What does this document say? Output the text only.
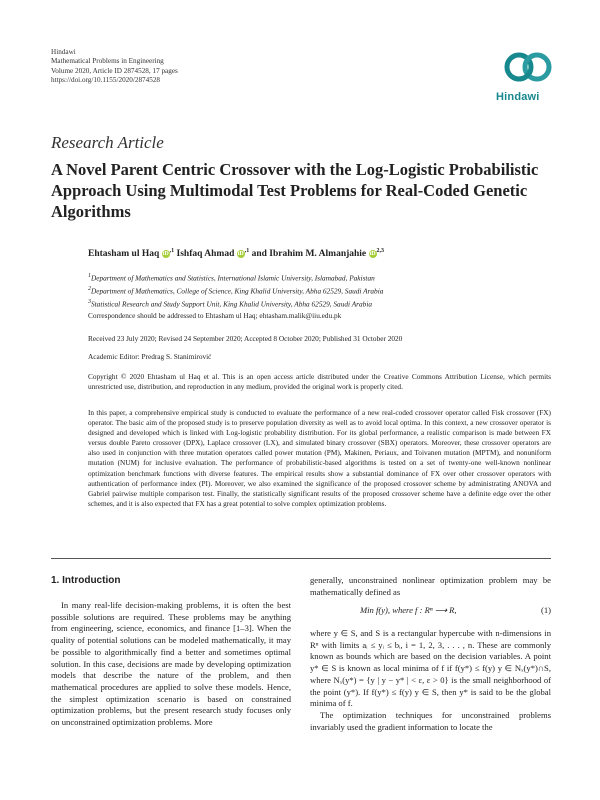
Hindawi
Mathematical Problems in Engineering
Volume 2020, Article ID 2874528, 17 pages
https://doi.org/10.1155/2020/2874528
Hindawi
Research Article
A Novel Parent Centric Crossover with the Log-Logistic Probabilistic Approach Using Multimodal Test Problems for Real-Coded Genetic Algorithms
Ehtasham ul Haq $iD^{,1}$ Ishfaq Ahmad $iD^{,1}$ and Ibrahim M. Almanjahie iD$^{2,3}$
$^1$Department of Mathematics and Statistics, International Islamic University, Islamabad, Pakistan
$^2$Department of Mathematics, College of Science, King Khalid University, Abha 62529, Saudi Arabia
$^3$Statistical Research and Study Support Unit, King Khalid University, Abha 62529, Saudi Arabia
Correspondence should be addressed to Ehtasham ul Haq; ehtasham.malik@iiu.edu.pk
Received 23 July 2020; Revised 24 September 2020; Accepted 8 October 2020; Published 31 October 2020
Academic Editor: Predrag S. Stanimirović
Copyright © 2020 Ehtasham ul Haq et al. This is an open access article distributed under the Creative Commons Attribution License, which permits unrestricted use, distribution, and reproduction in any medium, provided the original work is properly cited.
In this paper, a comprehensive empirical study is conducted to evaluate the performance of a new real-coded crossover operator called Fisk crossover (FX) operator. The basic aim of the proposed study is to preserve population diversity as well as to avoid local optima. In this context, a new crossover operator is designed and developed which is linked with Log-logistic probability distribution. For its global performance, a realistic comparison is made between FX versus double Pareto crossover (DPX), Laplace crossover (LX), and simulated binary crossover (SBX) operators. Moreover, these crossover operators are also used in conjunction with three mutation operators called power mutation (PM), Makinen, Periaux, and Toivanen mutation (MPTM), and nonuniform mutation (NUM) for inclusive evaluation. The performance of probabilistic-based algorithms is tested on a set of twenty-one well-known nonlinear optimization benchmark functions with diverse features. The empirical results show a substantial dominance of FX over other crossover operators with authentication of performance index (PI). Moreover, we also examined the significance of the proposed crossover scheme by administrating ANOVA and Gabriel pairwise multiple comparison test. Finally, the statistically significant results of the proposed crossover scheme have a definite edge over the other schemes, and it is also expected that FX has a great potential to solve complex optimization problems.
1. Introduction

In many real-life decision-making problems, it is often the best possible solutions are required. These problems may be anything from engineering, science, economics, and finance [1–3]. When the quality of potential solutions can be modeled mathematically, it may be possible to algorithmically find a better and sometimes optimal solution. In this case, decisions are made by developing optimization models that describe the nature of the problem, and then mathematical procedures are applied to solve these models. Hence, the simplest optimization scenario is based on constrained optimization problems, but the present research study focuses only on unconstrained optimization problems. More

generally, unconstrained nonlinear optimization problem may be mathematically defined as

Min f(y), where f : Rⁿ ⟶ R,	(1)

where y ∈ S, and S is a rectangular hypercube with n-dimensions in Rⁿ with limits aᵢ ≤ yᵢ ≤ bᵢ, i = 1, 2, 3, . . . , n. These are commonly known as bounds which are based on the decision variables. A point y* ∈ S is known as local minima of f if f(y*) ≤ f(y) y ∈ Nₓ(y*)∩S, where Nₓ(y*) = {y | y − y* | < ε, ε > 0} is the small neighborhood of the point (y*). If f(y*) ≤ f(y) y ∈ S, then y* is said to be the global minima of f.

The optimization techniques for unconstrained problems invariably used the gradient information to locate the
